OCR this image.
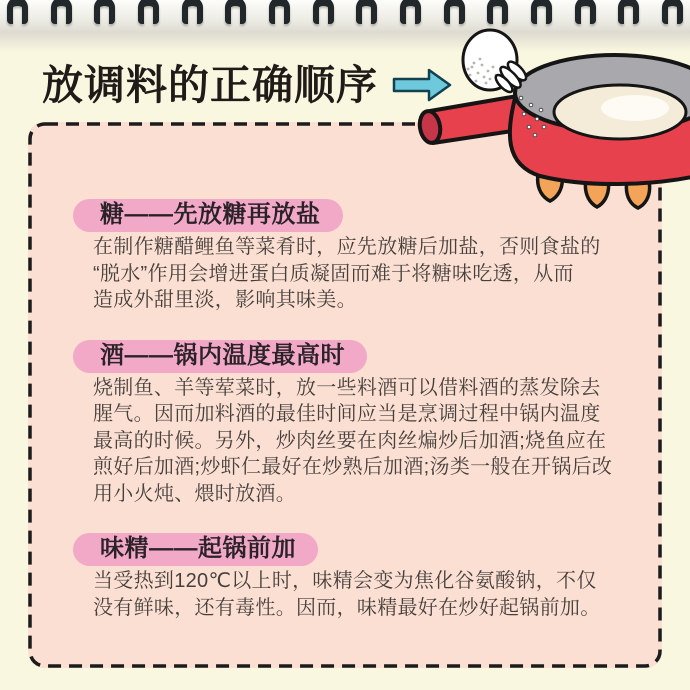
放调料的正确顺序
糖——先放糖再放盐
在制作糖醋鲤鱼等菜肴时，应先放糖后加盐，否则食盐的
“脱水”作用会增进蛋白质凝固而难于将糖味吃透，从而
造成外甜里淡，影响其味美。
酒——锅内温度最高时
烧制鱼、羊等荤菜时，放一些料酒可以借料酒的蒸发除去
腥气。因而加料酒的最佳时间应当是烹调过程中锅内温度
最高的时候。另外，炒肉丝要在肉丝煸炒后加酒;烧鱼应在
煎好后加酒;炒虾仁最好在炒熟后加酒;汤类一般在开锅后改
用小火炖、煨时放酒。
味精——起锅前加
当受热到120℃以上时，味精会变为焦化谷氨酸钠，不仅
没有鲜味，还有毒性。因而，味精最好在炒好起锅前加。
